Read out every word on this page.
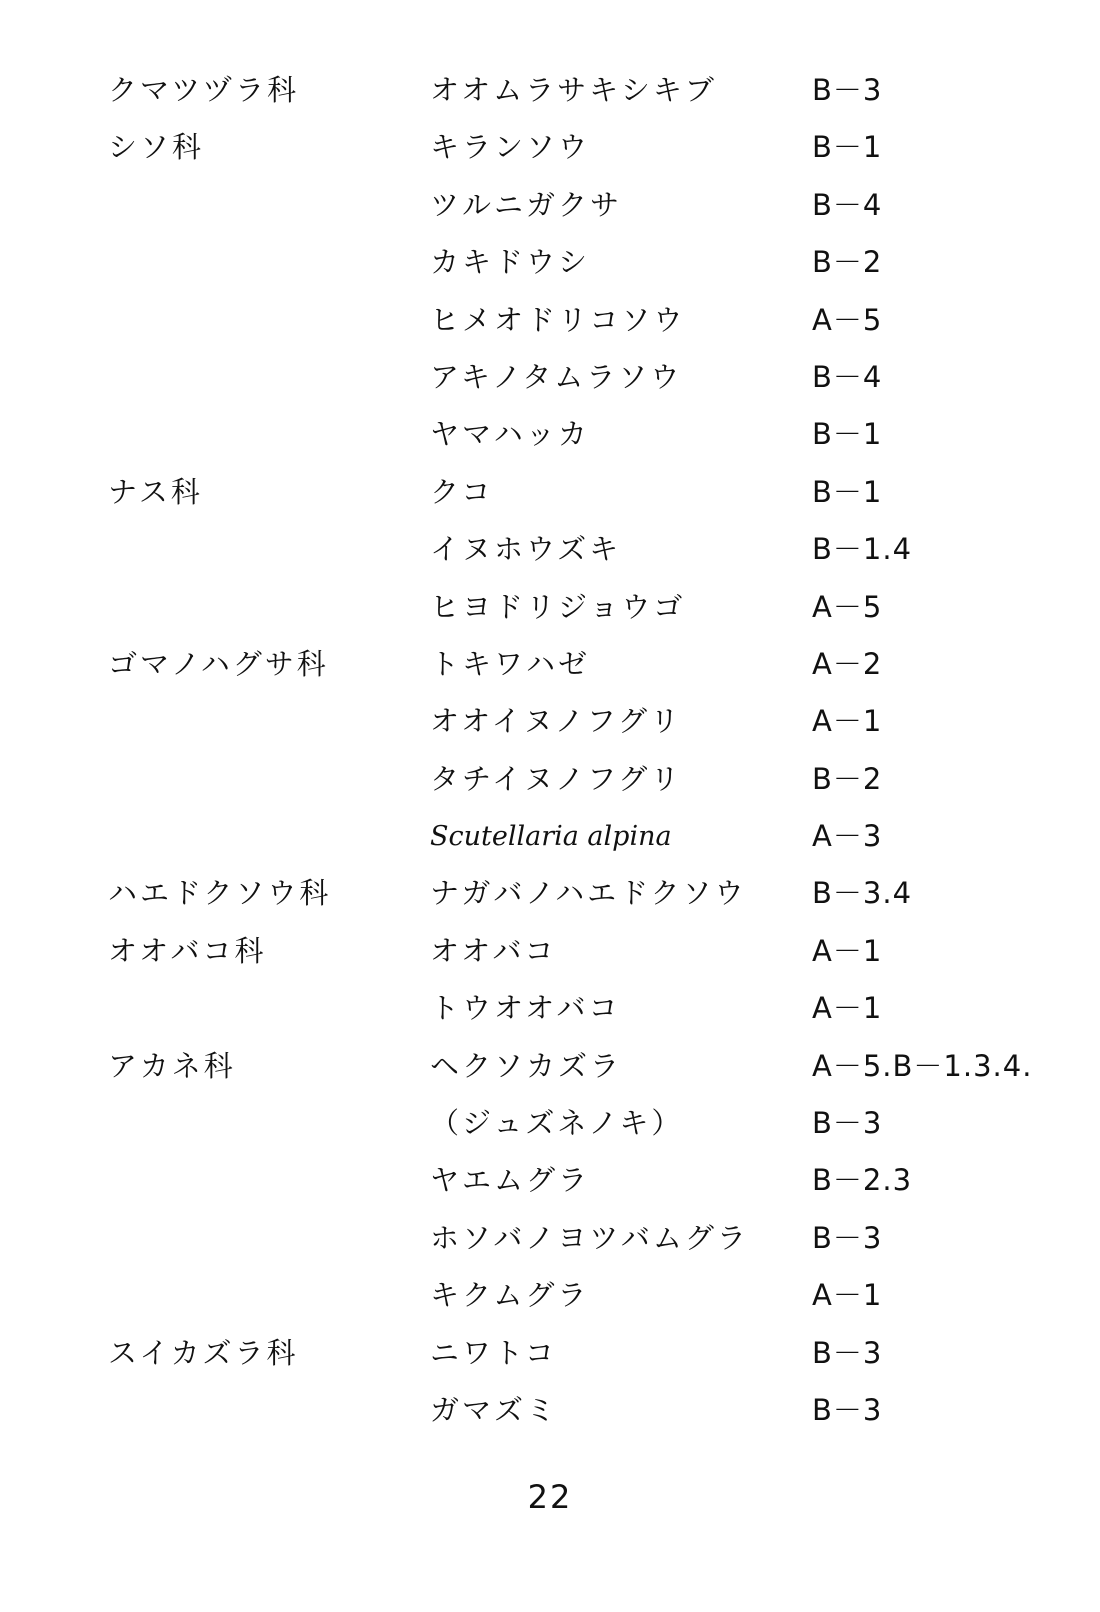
クマツヅラ科	オオムラサキシキブ	B－3
シソ科	キランソウ	B－1
ツルニガクサ	B－4
カキドウシ	B－2
ヒメオドリコソウ	A－5
アキノタムラソウ	B－4
ヤマハッカ	B－1
ナス科	クコ	B－1
イヌホウズキ	B－1.4
ヒヨドリジョウゴ	A－5
ゴマノハグサ科	トキワハゼ	A－2
オオイヌノフグリ	A－1
タチイヌノフグリ	B－2
Scutellaria alpina	A－3
ハエドクソウ科	ナガバノハエドクソウ B－3.4
オオバコ科	オオバコ	A－1
トウオオバコ	A－1
アカネ科	ヘクソカズラ	A－5.B－1.3.4.
（ジュズネノキ）	B－3
ヤエムグラ	B－2.3
ホソバノヨツバムグラ B－3
キクムグラ	A－1
スイカズラ科	ニワトコ	B－3
ガマズミ	B－3
22
